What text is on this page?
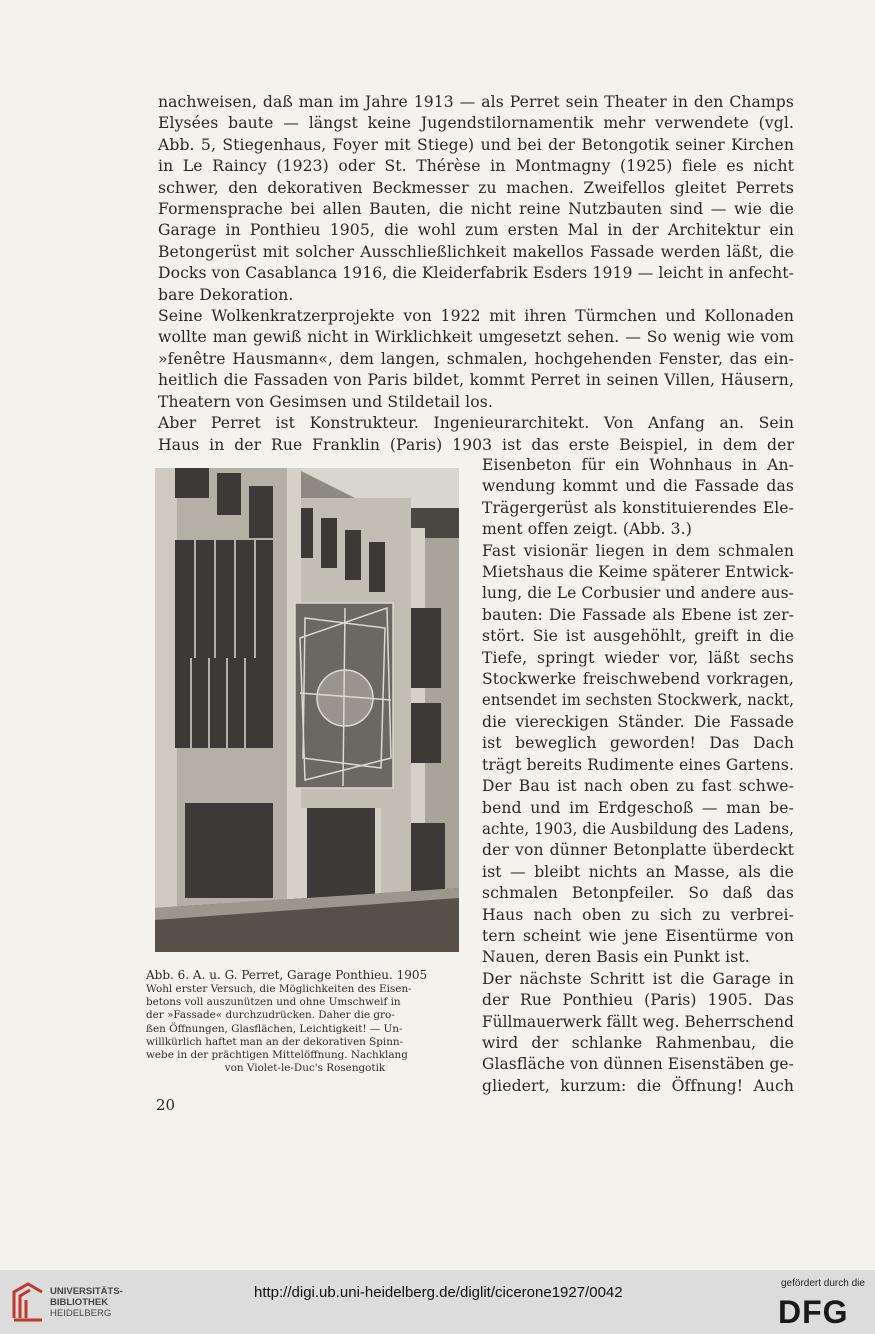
nachweisen, daß man im Jahre 1913 — als Perret sein Theater in den Champs
Elysées baute — längst keine Jugendstilornamentik mehr verwendete (vgl.
Abb. 5, Stiegenhaus, Foyer mit Stiege) und bei der Betongotik seiner Kirchen
in Le Raincy (1923) oder St. Thérèse in Montmagny (1925) fiele es nicht
schwer, den dekorativen Beckmesser zu machen. Zweifellos gleitet Perrets
Formensprache bei allen Bauten, die nicht reine Nutzbauten sind — wie die
Garage in Ponthieu 1905, die wohl zum ersten Mal in der Architektur ein
Betongerüst mit solcher Ausschließlichkeit makellos Fassade werden läßt, die
Docks von Casablanca 1916, die Kleiderfabrik Esders 1919 — leicht in anfecht-
bare Dekoration.
Seine Wolkenkratzerprojekte von 1922 mit ihren Türmchen und Kollonaden
wollte man gewiß nicht in Wirklichkeit umgesetzt sehen. — So wenig wie vom
»fenêtre Hausmann«, dem langen, schmalen, hochgehenden Fenster, das ein-
heitlich die Fassaden von Paris bildet, kommt Perret in seinen Villen, Häusern,
Theatern von Gesimsen und Stildetail los.
Aber Perret ist Konstrukteur. Ingenieurarchitekt. Von Anfang an. Sein
Haus in der Rue Franklin (Paris) 1903 ist das erste Beispiel, in dem der
Eisenbeton für ein Wohnhaus in An-
wendung kommt und die Fassade das
Trägergerüst als konstituierendes Ele-
ment offen zeigt. (Abb. 3.)
Fast visionär liegen in dem schmalen
Mietshaus die Keime späterer Entwick-
lung, die Le Corbusier und andere aus-
bauten: Die Fassade als Ebene ist zer-
stört. Sie ist ausgehöhlt, greift in die
Tiefe, springt wieder vor, läßt sechs
Stockwerke freischwebend vorkragen,
entsendet im sechsten Stockwerk, nackt,
die viereckigen Ständer. Die Fassade
ist beweglich geworden! Das Dach
trägt bereits Rudimente eines Gartens.
Der Bau ist nach oben zu fast schwe-
bend und im Erdgeschoß — man be-
achte, 1903, die Ausbildung des Ladens,
der von dünner Betonplatte überdeckt
ist — bleibt nichts an Masse, als die
schmalen Betonpfeiler. So daß das
Haus nach oben zu sich zu verbrei-
tern scheint wie jene Eisentürme von
Nauen, deren Basis ein Punkt ist.
Der nächste Schritt ist die Garage in
der Rue Ponthieu (Paris) 1905. Das
Füllmauerwerk fällt weg. Beherrschend
wird der schlanke Rahmenbau, die
Glasfläche von dünnen Eisenstäben ge-
gliedert, kurzum: die Öffnung! Auch
Abb. 6. A. u. G. Perret, Garage Ponthieu. 1905
Wohl erster Versuch, die Möglichkeiten des Eisen-
betons voll auszunützen und ohne Umschweif in
der »Fassade« durchzudrücken. Daher die gro-
ßen Öffnungen, Glasflächen, Leichtigkeit! — Un-
willkürlich haftet man an der dekorativen Spinn-
webe in der prächtigen Mittelöffnung. Nachklang
von Violet-le-Duc's Rosengotik
20
UNIVERSITÄTS-
BIBLIOTHEK
HEIDELBERG
http://digi.ub.uni-heidelberg.de/diglit/cicerone1927/0042
gefördert durch die
DFG
